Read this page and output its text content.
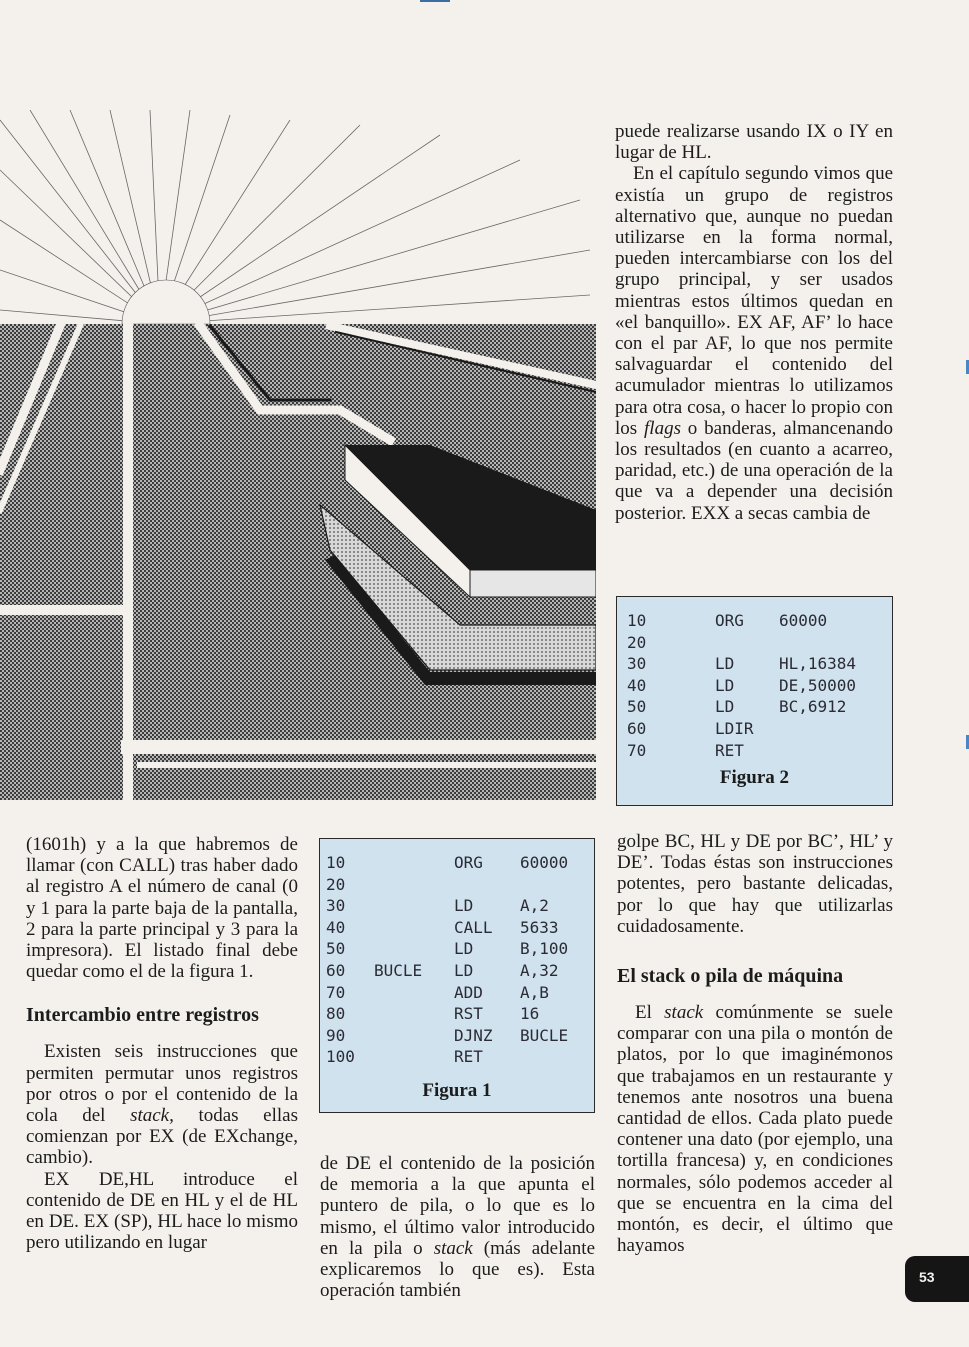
puede realizarse usando IX o IY en lugar de HL.

En el capítulo segundo vimos que existía un grupo de registros alternativo que, aunque no puedan utilizarse en la forma normal, pueden intercambiarse con los del grupo principal, y ser usados mientras estos últimos quedan en «el banquillo». EX AF, AF’ lo hace con el par AF, lo que nos permite salvaguardar el contenido del acumulador mientras lo utilizamos para otra cosa, o hacer lo propio con los flags o banderas, almancenando los resultados (en cuanto a acarreo, paridad, etc.) de una operación de la que va a depender una decisión posterior. EXX a secas cambia de

10	ORG 60000
20
30	LD	HL,16384
40	LD	DE,50000
50	LD	BC,6912
60	LDIR
70	RET
Figura 2

(1601h) y a la que habremos de llamar (con CALL) tras haber dado al registro A el número de canal (0 y 1 para la parte baja de la pantalla, 2 para la parte principal y 3 para la impresora). El listado final debe quedar como el de la figura 1.

Intercambio entre registros

Existen seis instrucciones que permiten permutar unos registros por otros o por el contenido de la cola del stack, todas ellas comienzan por EX (de EXchange, cambio).

EX DE,HL introduce el contenido de DE en HL y el de HL en DE. EX (SP), HL hace lo mismo pero utilizando en lugar

10	ORG 60000
20
30	LD	A,2
40	CALL 5633
50	LD	B,100
60 BUCLE LD	A,32
70	ADD A,B
80	RST 16
90	DJNZ BUCLE
100	RET
Figura 1

de DE el contenido de la posición de memoria a la que apunta el puntero de pila, o lo que es lo mismo, el último valor introducido en la pila o stack (más adelante explicaremos lo que es). Esta operación también

golpe BC, HL y DE por BC’, HL’ y DE’. Todas éstas son instrucciones potentes, pero bastante delicadas, por lo que hay que utilizarlas cuidadosamente.

El stack o pila de máquina

El stack comúnmente se suele comparar con una pila o montón de platos, por lo que imaginémonos que trabajamos en un restaurante y tenemos ante nosotros una buena cantidad de ellos. Cada plato puede contener una dato (por ejemplo, una tortilla francesa) y, en condiciones normales, sólo podemos acceder al que se encuentra en la cima del montón, es decir, el último que hayamos

53
